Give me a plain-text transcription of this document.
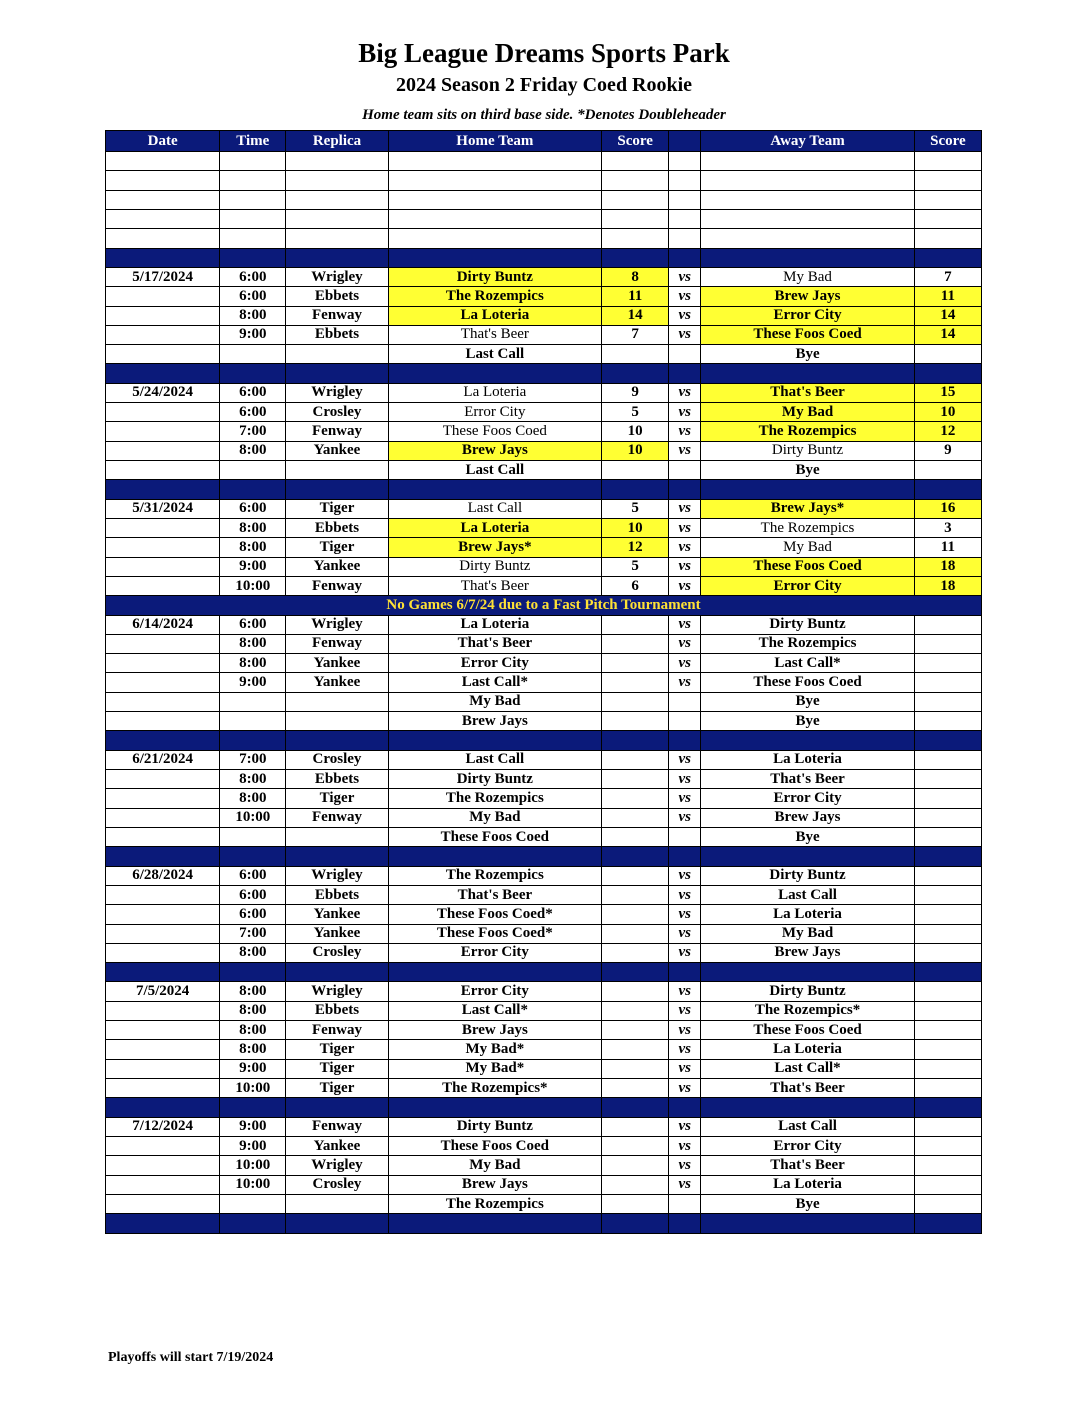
Big League Dreams Sports Park
2024 Season 2 Friday Coed Rookie
Home team sits on third base side. *Denotes Doubleheader
Date	Time	Replica	Home Team	Score		Away Team	Score

5/17/2024	6:00	Wrigley	Dirty Buntz	8	vs	My Bad	7
	6:00	Ebbets	The Rozempics	11	vs	Brew Jays	11
	8:00	Fenway	La Loteria	14	vs	Error City	14
	9:00	Ebbets	That's Beer	7	vs	These Foos Coed	14
			Last Call			Bye	

5/24/2024	6:00	Wrigley	La Loteria	9	vs	That's Beer	15
	6:00	Crosley	Error City	5	vs	My Bad	10
	7:00	Fenway	These Foos Coed	10	vs	The Rozempics	12
	8:00	Yankee	Brew Jays	10	vs	Dirty Buntz	9
			Last Call			Bye	

5/31/2024	6:00	Tiger	Last Call	5	vs	Brew Jays*	16
	8:00	Ebbets	La Loteria	10	vs	The Rozempics	3
	8:00	Tiger	Brew Jays*	12	vs	My Bad	11
	9:00	Yankee	Dirty Buntz	5	vs	These Foos Coed	18
	10:00	Fenway	That's Beer	6	vs	Error City	18
No Games 6/7/24 due to a Fast Pitch Tournament							
6/14/2024	6:00	Wrigley	La Loteria		vs	Dirty Buntz	
	8:00	Fenway	That's Beer		vs	The Rozempics	
	8:00	Yankee	Error City		vs	Last Call*	
	9:00	Yankee	Last Call*		vs	These Foos Coed	
			My Bad			Bye	
			Brew Jays			Bye	

6/21/2024	7:00	Crosley	Last Call		vs	La Loteria	
	8:00	Ebbets	Dirty Buntz		vs	That's Beer	
	8:00	Tiger	The Rozempics		vs	Error City	
	10:00	Fenway	My Bad		vs	Brew Jays	
			These Foos Coed			Bye	

6/28/2024	6:00	Wrigley	The Rozempics		vs	Dirty Buntz	
	6:00	Ebbets	That's Beer		vs	Last Call	
	6:00	Yankee	These Foos Coed*		vs	La Loteria	
	7:00	Yankee	These Foos Coed*		vs	My Bad	
	8:00	Crosley	Error City		vs	Brew Jays	

7/5/2024	8:00	Wrigley	Error City		vs	Dirty Buntz	
	8:00	Ebbets	Last Call*		vs	The Rozempics*	
	8:00	Fenway	Brew Jays		vs	These Foos Coed	
	8:00	Tiger	My Bad*		vs	La Loteria	
	9:00	Tiger	My Bad*		vs	Last Call*	
	10:00	Tiger	The Rozempics*		vs	That's Beer	

7/12/2024	9:00	Fenway	Dirty Buntz		vs	Last Call	
	9:00	Yankee	These Foos Coed		vs	Error City	
	10:00	Wrigley	My Bad		vs	That's Beer	
	10:00	Crosley	Brew Jays		vs	La Loteria	
			The Rozempics			Bye	

Playoffs will start 7/19/2024
